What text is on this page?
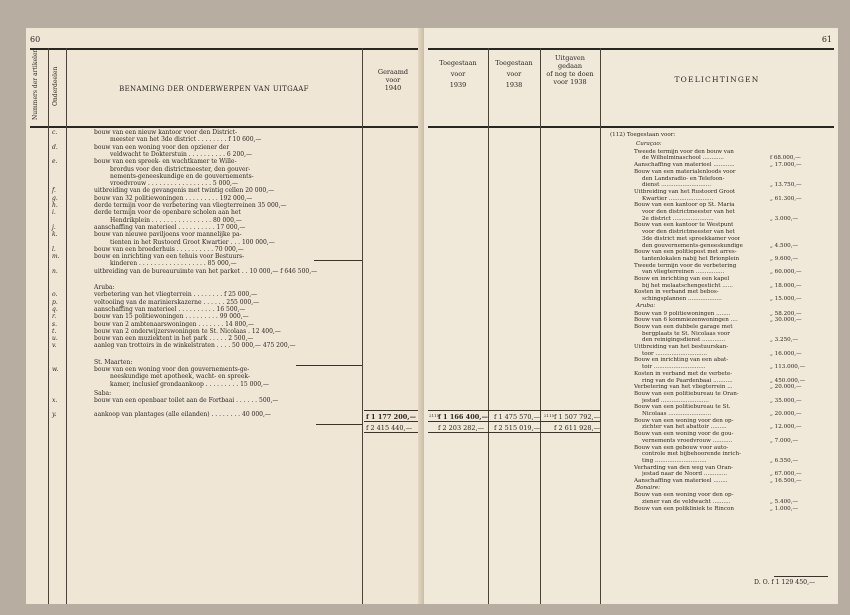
60
Nummers der artikelen Onderdeelen	BENAMING DER ONDERWERPEN VAN UITGAAF
Geraamd
voor
1940
c.	bouw van een nieuw kantoor voor den District-
meester van het 3de district . . . . . . . . f 10 600,—
d.	bouw van een woning voor den opziener der
veldwacht te Dokterstuin . . . . . . . . . . 6 200,—
e.	bouw van een spreek- en wachtkamer te Wille-
brordus voor den districtmeester, den gouver-
nements-geneeskundige en de gouvernements-
vroedvrouw . . . . . . . . . . . . . . . . . 5 000,—
f.	uitbreiding van de gevangenis met twintig cellen 20 000,—
g.	bouw van 32 politiewoningen . . . . . . . . . 192 000,—
h.	derde termijn voor de verbetering van vliegterreinen 35 000,—
i.	derde termijn voor de openbare scholen aan het
Hendrikplein . . . . . . . . . . . . . . . . 80 000,—
j.	aanschaffing van materieel . . . . . . . . . . 17 000,—
k.	bouw van nieuwe paviljoens voor mannelijke pa-
tienten in het Rustoord Groot Kwartier . . . 100 000,—
l.	bouw van een broederhuis . . . . . . . . . . 70 000,—
m.	bouw en inrichting van een tehuis voor Bestuurs-
kinderen . . . . . . . . . . . . . . . . . . 85 000,—
n.	uitbreiding van de bureauruimte van het parket . . 10 000,— f 646 500,—
Aruba:
o.	verbetering van het vliegterrein . . . . . . . . f 25 000,—
p.	voltooiing van de marinierskazerne . . . . . . 255 000,—
q.	aanschaffing van materieel . . . . . . . . . . 16 500,—
r.	bouw van 15 politiewoningen . . . . . . . . . 99 000,—
s.	bouw van 2 ambtenaarswoningen . . . . . . . 14 800,—
t.	bouw van 2 onderwijzerswoningen te St. Nicolaas . 12 400,—
u.	bouw van een muziektent in het park . . . . . 2 500,—
v.	aanleg van trottoirs in de winkelstraten . . . . 50 000,— 475 200,—
St. Maarten:
w.	bouw van een woning voor den gouvernements-ge-
neeskundige met apotheek, wacht- en spreek-
kamer, inclusief grondaankoop . . . . . . . . . 15 000,—
Saba:
x.	bouw van een openbaar toilet aan de Fortbaai . . . . . . 500,—
y.	aankoop van plantages (alle eilanden) . . . . . . . . 40 000,—	f 1 177 200,—
f 2 415 440,—
61
Toegestaan
voor
1939
Toegestaan
voor
1938
Uitgaven
gedaan
of nog te doen
voor 1938	TOELICHTINGEN
2115
f 1 166 400,— f 1 475 570,— 2115 f 1 507 792,—
f 2 203 282,— f 2 515 019,— f 2 611 928,—
(112) Toegestaan voor:
Curaçao:
Tweede termijn voor den bouw van
de Wilhelminaschool ............	f 68.000,—
Aanschaffing van materieel ............	„ 17.000,—
Bouw van een materialenloods voor
den Landsradio- en Telefoon-
dienst ............................	„ 13.750,—
Uitbreiding van het Rustoord Groot
Kwartier .........................	„ 61.300,—
Bouw van een kantoor op St. Maria
voor den districtmeester van het
2e district .......................	„ 3.000,—
Bouw van een kantoor te Westpunt
voor den districtmeester van het
3de district met spreekkamer voor
den gouvernements-geneeskundige	„ 4.500,—
Bouw van een politiepost met arres-
tantenlokalen nabij het Brionplein	„ 9.600,—
Tweede termijn voor de verbetering
van vliegterreinen ................	„ 60.000,—
Bouw en inrichting van een kapel
bij het melaatschengesticht ......	„ 18.000,—
Kosten in verband met bebos-
schingsplannen ...................	„ 15.000,—
Aruba:
Bouw van 9 politiewoningen ........	„ 58.200,—
Bouw van 6 kommiezenwoningen ....	„ 30.000,—
Bouw van een dubbele garage met
bergplaats te St. Nicolaas voor
den reinigingsdienst .............	„ 3.250,—
Uitbreiding van het bestuurskan-
toor .............................	„ 16.000,—
Bouw en inrichting van een abat-
toir .............................	„ 113.000,—
Kosten in verband met de verbete-
ring van de Paardenbaai ...........	„ 450.000,—
Verbetering van het vliegterrein ...	„ 20.000,—
Bouw van een politiebureau te Oran-
jestad ...........................	„ 35.000,—
Bouw van een politiebureau te St.
Nicolaas ........................	„ 20.000,—
Bouw van een woning voor den op-
zichter van het abattoir .........	„ 12.000,—
Bouw van een woning voor de gou-
vernements vroedvrouw ...........	„ 7.000,—
Bouw van een gebouw voor auto-
controle met bijbehoorende inrich-
ting .............................	„ 6.550,—
Verharding van den weg van Oran-
jestad naar de Noord .............	„ 67.000,—
Aanschaffing van materieel ........	„ 16.500,—
Bonaire:
Bouw van een woning voor den op-
ziener van de veldwacht ..........	„ 5.400,—
Bouw van een polikliniek te Rincon	„ 1.000,—
D. O. f 1 129 450,—
